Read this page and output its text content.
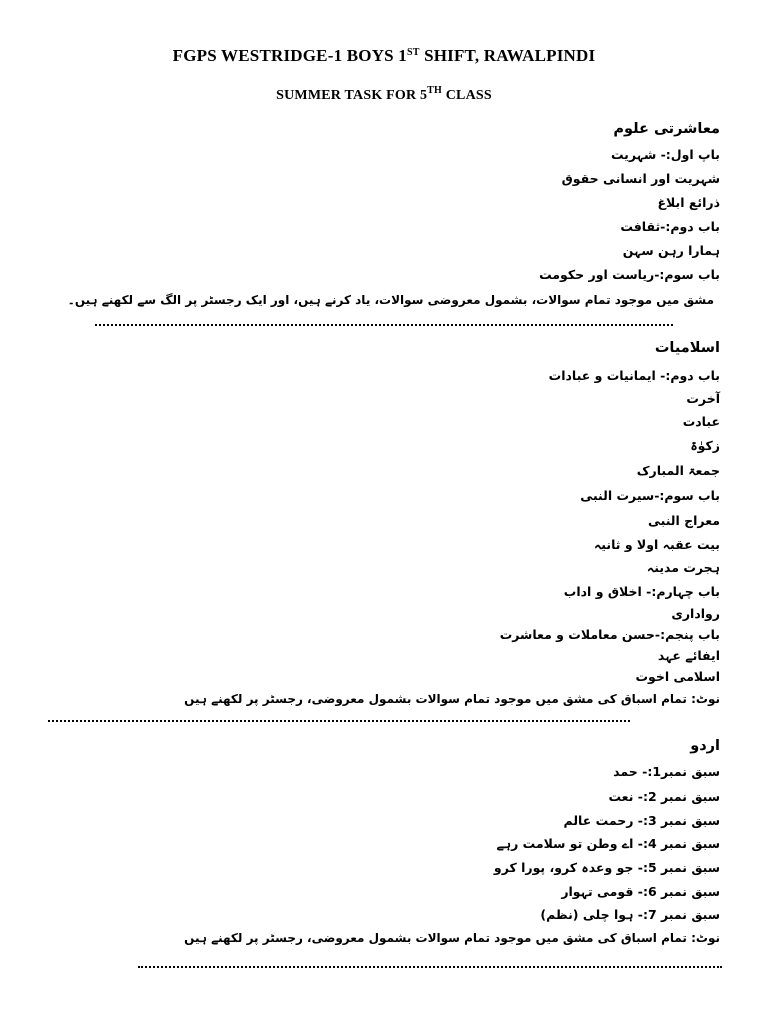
FGPS WESTRIDGE-1 BOYS 1ST SHIFT, RAWALPINDI
SUMMER TASK FOR 5TH CLASS
معاشرتی علوم
باپ اول:- شہریت
شہریت اور انسانی حقوق
ذرائع ابلاغ
باب دوم:-ثقافت
ہمارا رہن سہن
باب سوم:-ریاست اور حکومت
مشق میں موجود تمام سوالات، بشمول معروضی سوالات، یاد کرنے ہیں، اور ایک رجسٹر پر الگ سے لکھنے ہیں۔
اسلامیات
باب دوم:- ایمانیات و عبادات
آخرت
عبادت
زکوٰۃ
جمعۃ المبارک
باب سوم:-سیرت النبی
معراج النبی
بیت عقبہ اولا و ثانیہ
ہجرت مدینہ
باب چہارم:- اخلاق و اداب
رواداری
باب پنجم:-حسن معاملات و معاشرت
ایفائے عہد
اسلامی اخوت
نوٹ: تمام اسباق کی مشق میں موجود تمام سوالات بشمول معروضی، رجسٹر پر لکھنے ہیں
اردو
سبق نمبر1:- حمد
سبق نمبر 2:- نعت
سبق نمبر 3:- رحمت عالم
سبق نمبر 4:- اے وطن تو سلامت رہے
سبق نمبر 5:- جو وعدہ کرو، پورا کرو
سبق نمبر 6:- قومی تہوار
سبق نمبر 7:- ہوا چلی (نظم)
نوٹ: تمام اسباق کی مشق میں موجود تمام سوالات بشمول معروضی، رجسٹر پر لکھنے ہیں
